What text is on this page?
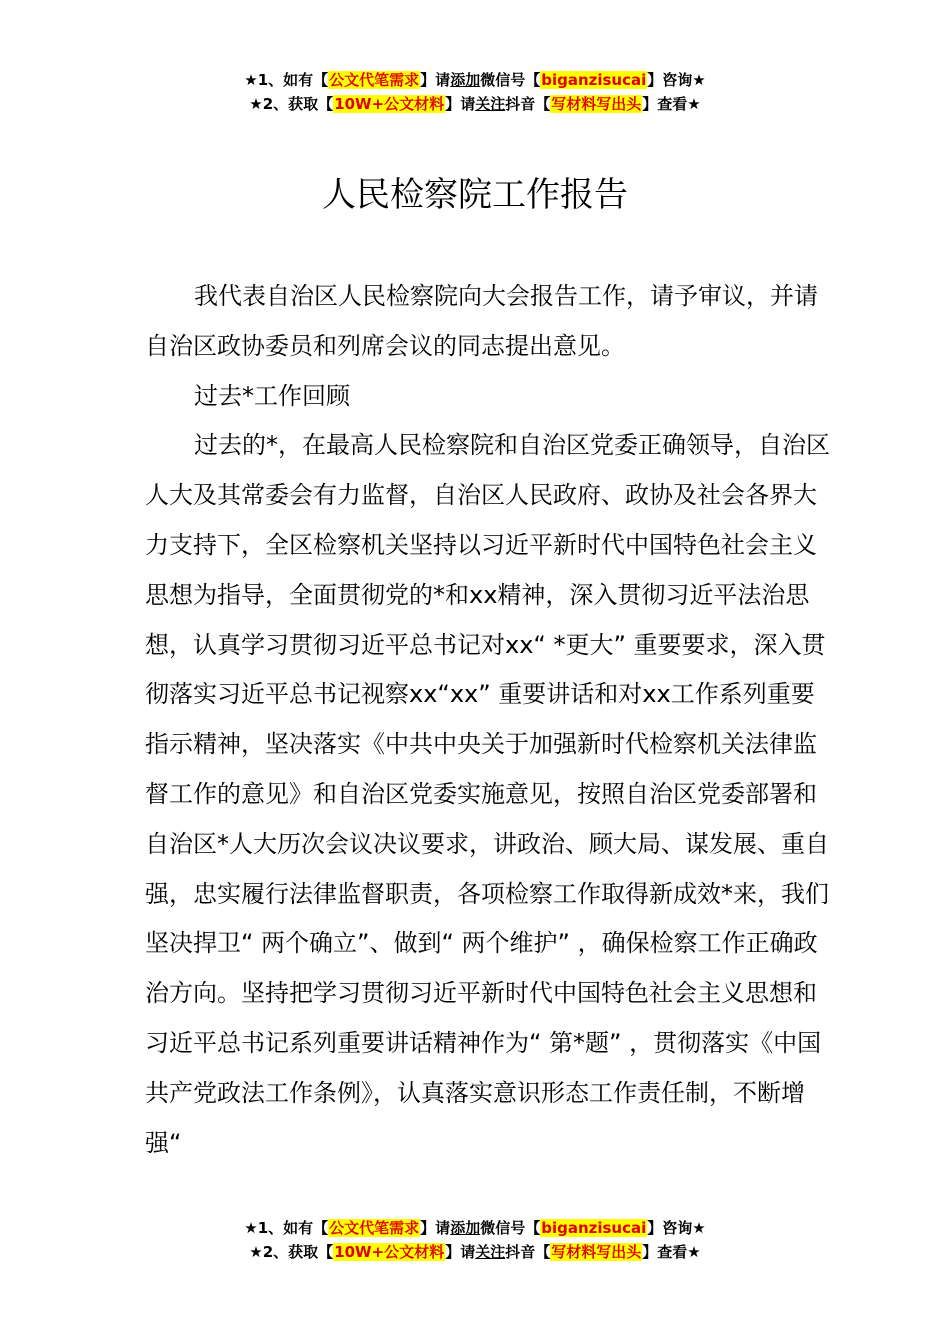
★1、如有【公文代笔需求】请添加微信号【biganzisucai】咨询★
★2、获取【10W+公文材料】请关注抖音【写材料写出头】查看★
人民检察院工作报告

我代表自治区人民检察院向大会报告工作，请予审议，并请自治区政协委员和列席会议的同志提出意见。

过去*工作回顾

过去的*，在最高人民检察院和自治区党委正确领导，自治区人大及其常委会有力监督，自治区人民政府、政协及社会各界大力支持下，全区检察机关坚持以习近平新时代中国特色社会主义思想为指导，全面贯彻党的*和xx精神，深入贯彻习近平法治思想，认真学习贯彻习近平总书记对xx“ *更大” 重要要求，深入贯彻落实习近平总书记视察xx“xx” 重要讲话和对xx工作系列重要指示精神，坚决落实《中共中央关于加强新时代检察机关法律监督工作的意见》和自治区党委实施意见，按照自治区党委部署和自治区*人大历次会议决议要求，讲政治、顾大局、谋发展、重自强，忠实履行法律监督职责，各项检察工作取得新成效*来，我们坚决捍卫“ 两个确立”、做到“ 两个维护” ，确保检察工作正确政治方向。坚持把学习贯彻习近平新时代中国特色社会主义思想和习近平总书记系列重要讲话精神作为“ 第*题” ，贯彻落实《中国共产党政法工作条例》，认真落实意识形态工作责任制，不断增强“

★1、如有【公文代笔需求】请添加微信号【biganzisucai】咨询★
★2、获取【10W+公文材料】请关注抖音【写材料写出头】查看★
